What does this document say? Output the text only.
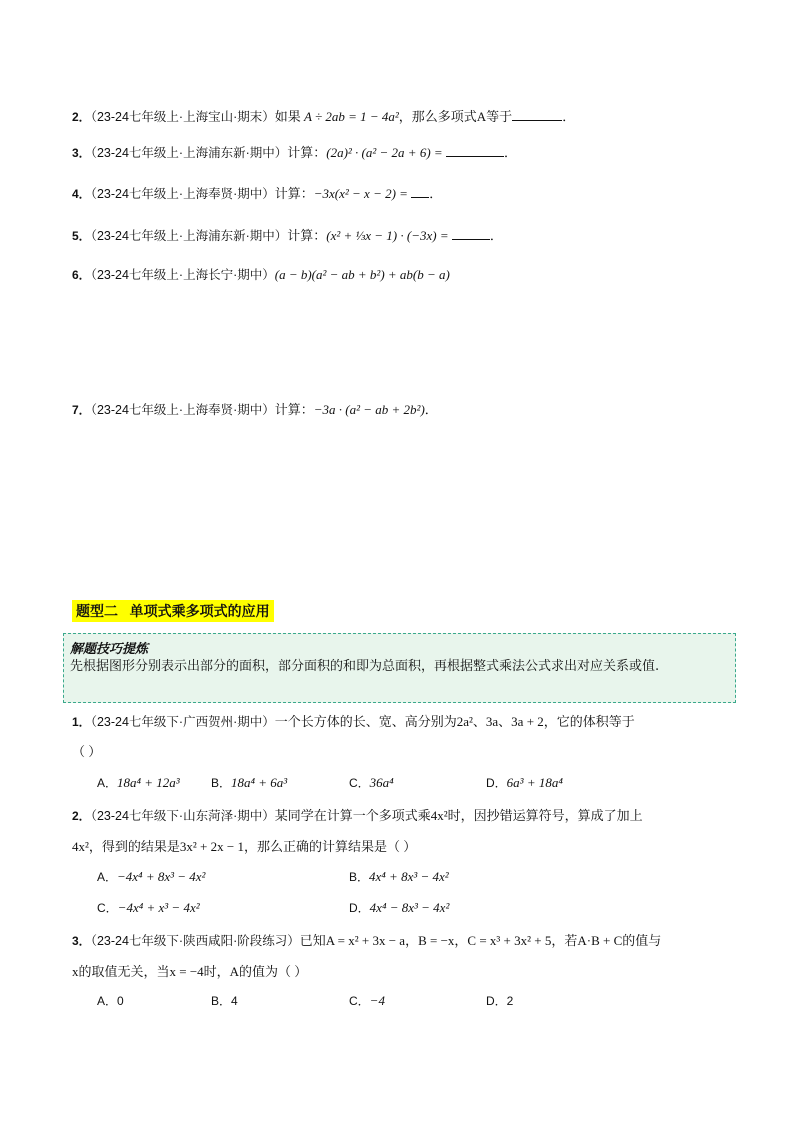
2．（23-24七年级上·上海宝山·期末）如果 A ÷ 2ab = 1 − 4a²，那么多项式A等于	．
3．（23-24七年级上·上海浦东新·期中）计算：(2a)² · (a² − 2a + 6) =	．
4．（23-24七年级上·上海奉贤·期中）计算：−3x(x² − x − 2) = ．
5．（23-24七年级上·上海浦东新·期中）计算：(x² + ⅓x − 1) · (−3x) =	．
6．（23-24七年级上·上海长宁·期中）(a − b)(a² − ab + b²) + ab(b − a)
7．（23-24七年级上·上海奉贤·期中）计算：−3a · (a² − ab + 2b²)．
题型二   单项式乘多项式的应用
解题技巧提炼
先根据图形分别表示出部分的面积，部分面积的和即为总面积，再根据整式乘法公式求出对应关系或值.
1．（23-24七年级下·广西贺州·期中）一个长方体的长、宽、高分别为2a²、3a、3a + 2，它的体积等于
（ ）
A．18a⁴ + 12a³	B．18a⁴ + 6a³	C．36a⁴	D．6a³ + 18a⁴
2．（23-24七年级下·山东菏泽·期中）某同学在计算一个多项式乘4x²时，因抄错运算符号，算成了加上
4x²，得到的结果是3x² + 2x − 1，那么正确的计算结果是（ ）
A．−4x⁴ + 8x³ − 4x²	B．4x⁴ + 8x³ − 4x²
C．−4x⁴ + x³ − 4x²	D．4x⁴ − 8x³ − 4x²
3．（23-24七年级下·陕西咸阳·阶段练习）已知A = x² + 3x − a，B = −x，C = x³ + 3x² + 5，若A·B + C的值与
x的取值无关，当x = −4时，A的值为（ ）
A．0	B．4	C．−4	D．2
